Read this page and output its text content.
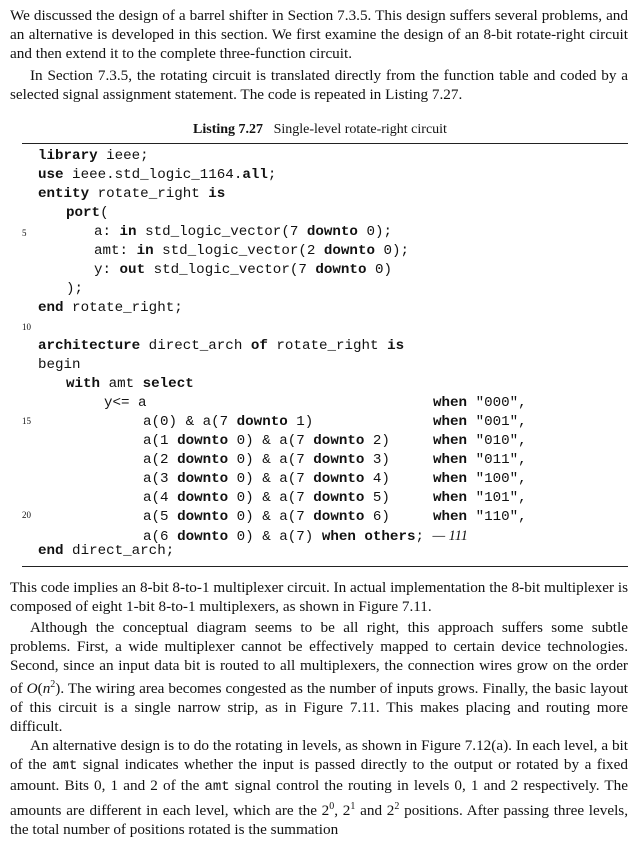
We discussed the design of a barrel shifter in Section 7.3.5. This design suffers several problems, and an alternative is developed in this section. We first examine the design of an 8-bit rotate-right circuit and then extend it to the complete three-function circuit.

In Section 7.3.5, the rotating circuit is translated directly from the function table and coded by a selected signal assignment statement. The code is repeated in Listing 7.27.

Listing 7.27 Single-level rotate-right circuit
5
10
15
20
library ieee;
use ieee.std_logic_1164.all;
entity rotate_right is
port(
a: in std_logic_vector(7 downto 0);
amt: in std_logic_vector(2 downto 0);
y: out std_logic_vector(7 downto 0)
);
end rotate_right;
architecture direct_arch of rotate_right is
begin
with amt select
y<= a
a(0) & a(7 downto 1)
a(1 downto 0) & a(7 downto 2)
a(2 downto 0) & a(7 downto 3)
a(3 downto 0) & a(7 downto 4)
a(4 downto 0) & a(7 downto 5)
a(5 downto 0) & a(7 downto 6)
a(6 downto 0) & a(7) when others; — 111
when "000",
when "001",
when "010",
when "011",
when "100",
when "101",
when "110",
end direct_arch;

This code implies an 8-bit 8-to-1 multiplexer circuit. In actual implementation the 8-bit multiplexer is composed of eight 1-bit 8-to-1 multiplexers, as shown in Figure 7.11.

Although the conceptual diagram seems to be all right, this approach suffers some subtle problems. First, a wide multiplexer cannot be effectively mapped to certain device technologies. Second, since an input data bit is routed to all multiplexers, the connection wires grow on the order of $O(n^2)$. The wiring area becomes congested as the number of inputs grows. Finally, the basic layout of this circuit is a single narrow strip, as in Figure 7.11. This makes placing and routing more difficult.

An alternative design is to do the rotating in levels, as shown in Figure 7.12(a). In each level, a bit of the amt signal indicates whether the input is passed directly to the output or rotated by a fixed amount. Bits 0, 1 and 2 of the amt signal control the routing in levels 0, 1 and 2 respectively. The amounts are different in each level, which are the $2^0$, $2^1$ and $2^2$ positions. After passing three levels, the total number of positions rotated is the summation
